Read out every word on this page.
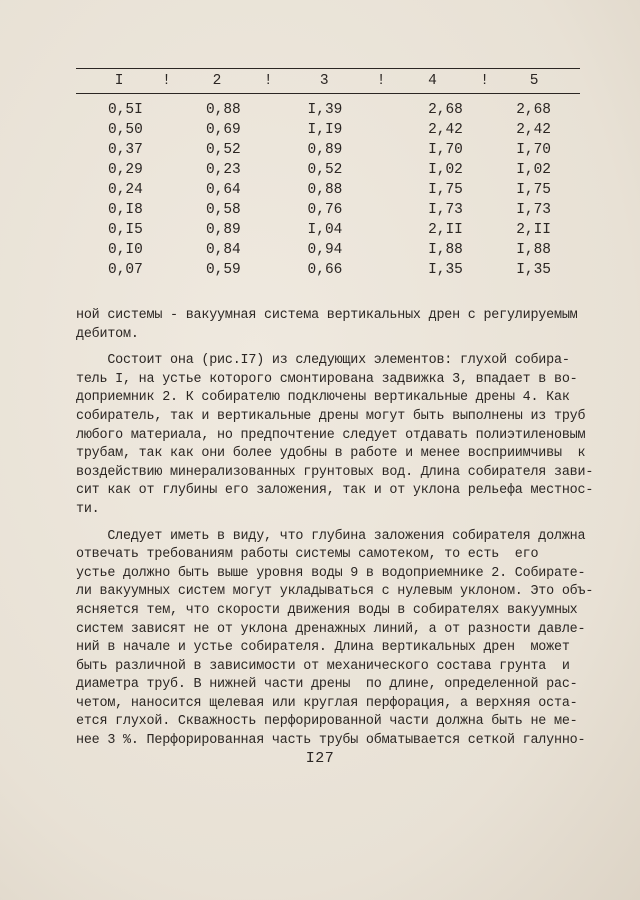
I	!	2	!	3	!	4	!	5
0,5I	0,88	I,39	2,68	2,68
0,50	0,69	I,I9	2,42	2,42
0,37	0,52	0,89	I,70	I,70
0,29	0,23	0,52	I,02	I,02
0,24	0,64	0,88	I,75	I,75
0,I8	0,58	0,76	I,73	I,73
0,I5	0,89	I,04	2,II	2,II
0,I0	0,84	0,94	I,88	I,88
0,07	0,59	0,66	I,35	I,35
ной системы - вакуумная система вертикальных дрен с регулируемым
дебитом.
Состоит она (рис.I7) из следующих элементов: глухой собира-
тель I, на устье которого смонтирована задвижка 3, впадает в во-
доприемник 2. К собирателю подключены вертикальные дрены 4. Как
собиратель, так и вертикальные дрены могут быть выполнены из труб
любого материала, но предпочтение следует отдавать полиэтиленовым
трубам, так как они более удобны в работе и менее восприимчивы  к
воздействию минерализованных грунтовых вод. Длина собирателя зави-
сит как от глубины его заложения, так и от уклона рельефа местнос-
ти.
Следует иметь в виду, что глубина заложения собирателя должна
отвечать требованиям работы системы самотеком, то есть  его
устье должно быть выше уровня воды 9 в водоприемнике 2. Собирате-
ли вакуумных систем могут укладываться с нулевым уклоном. Это объ-
ясняется тем, что скорости движения воды в собирателях вакуумных
систем зависят не от уклона дренажных линий, а от разности давле-
ний в начале и устье собирателя. Длина вертикальных дрен  может
быть различной в зависимости от механического состава грунта  и
диаметра труб. В нижней части дрены  по длине, определенной рас-
четом, наносится щелевая или круглая перфорация, а верхняя оста-
ется глухой. Скважность перфорированной части должна быть не ме-
нее 3 %. Перфорированная часть трубы обматывается сеткой галунно-
I27
